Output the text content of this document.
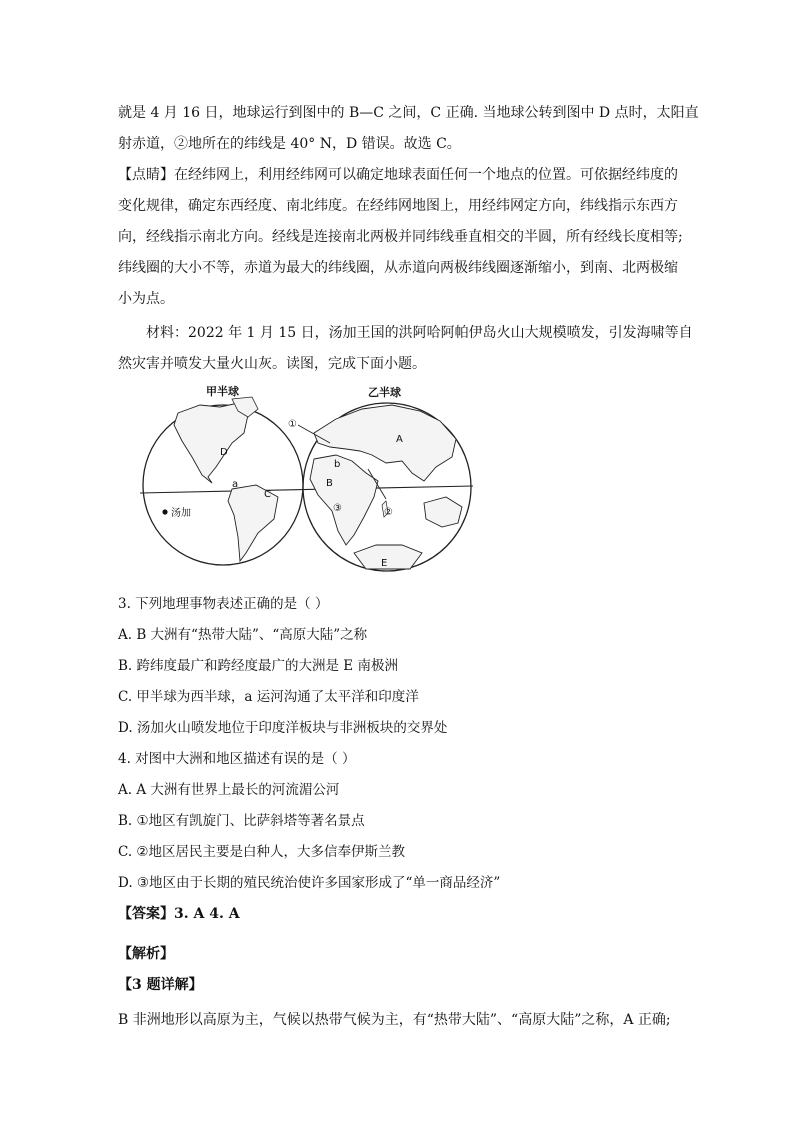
就是 4 月 16 日，地球运行到图中的 B—C 之间，C 正确. 当地球公转到图中 D 点时，太阳直
射赤道，②地所在的纬线是 40° N，D 错误。故选 C。
【点睛】在经纬网上，利用经纬网可以确定地球表面任何一个地点的位置。可依据经纬度的
变化规律，确定东西经度、南北纬度。在经纬网地图上，用经纬网定方向，纬线指示东西方
向，经线指示南北方向。经线是连接南北两极并同纬线垂直相交的半圆，所有经线长度相等;
纬线圈的大小不等，赤道为最大的纬线圈，从赤道向两极纬线圈逐渐缩小，到南、北两极缩
小为点。
材料：2022 年 1 月 15 日，汤加王国的洪阿哈阿帕伊岛火山大规模喷发，引发海啸等自
然灾害并喷发大量火山灰。读图，完成下面小题。
甲半球	乙半球
D
a
C
汤加
①
A
b
B
③	②
E
3. 下列地理事物表述正确的是（ ）
A. B 大洲有“热带大陆”、“高原大陆”之称
B. 跨纬度最广和跨经度最广的大洲是 E 南极洲
C. 甲半球为西半球，a 运河沟通了太平洋和印度洋
D. 汤加火山喷发地位于印度洋板块与非洲板块的交界处
4. 对图中大洲和地区描述有误的是（ ）
A. A 大洲有世界上最长的河流湄公河
B. ①地区有凯旋门、比萨斜塔等著名景点
C. ②地区居民主要是白种人，大多信奉伊斯兰教
D. ③地区由于长期的殖民统治使许多国家形成了“单一商品经济”
【答案】3. A 4. A
【解析】
【3 题详解】
B 非洲地形以高原为主，气候以热带气候为主，有“热带大陆”、“高原大陆”之称，A 正确;
